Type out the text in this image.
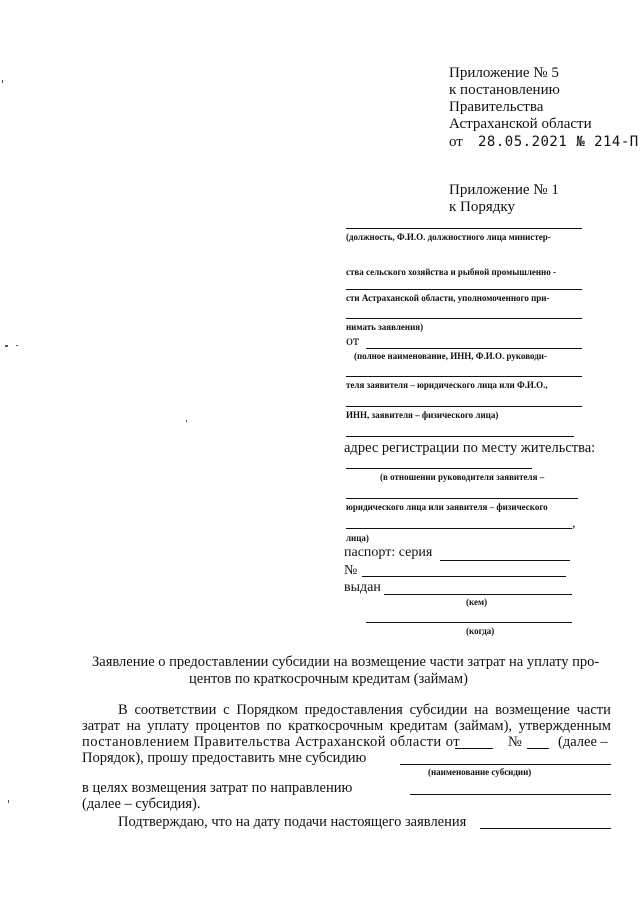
Приложение № 5
к постановлению
Правительства
Астраханской области
от 28.05.2021 № 214-П
Приложение № 1
к Порядку
(должность, Ф.И.О. должностного лица министер-
ства сельского хозяйства и рыбной промышленно -
сти Астраханской области, уполномоченного при-
нимать заявления)
от
(полное наименование, ИНН, Ф.И.О. руководи-
теля заявителя – юридического лица или Ф.И.О.,
ИНН, заявителя – физического лица)
адрес регистрации по месту жительства:
(в отношении руководителя заявителя –
юридического лица или заявителя – физического
,
лица)
паспорт: серия
№
выдан
(кем)
(когда)
Заявление о предоставлении субсидии на возмещение части затрат на уплату про-
центов по краткосрочным кредитам (займам)
В соответствии с Порядком предоставления субсидии на возмещение части
затрат на уплату процентов по краткосрочным кредитам (займам), утвержденным
постановлением Правительства Астраханской области от	№ (далее –
Порядок), прошу предоставить мне субсидию
(наименование субсидии)
в целях возмещения затрат по направлению
(далее – субсидия).
Подтверждаю, что на дату подачи настоящего заявления
